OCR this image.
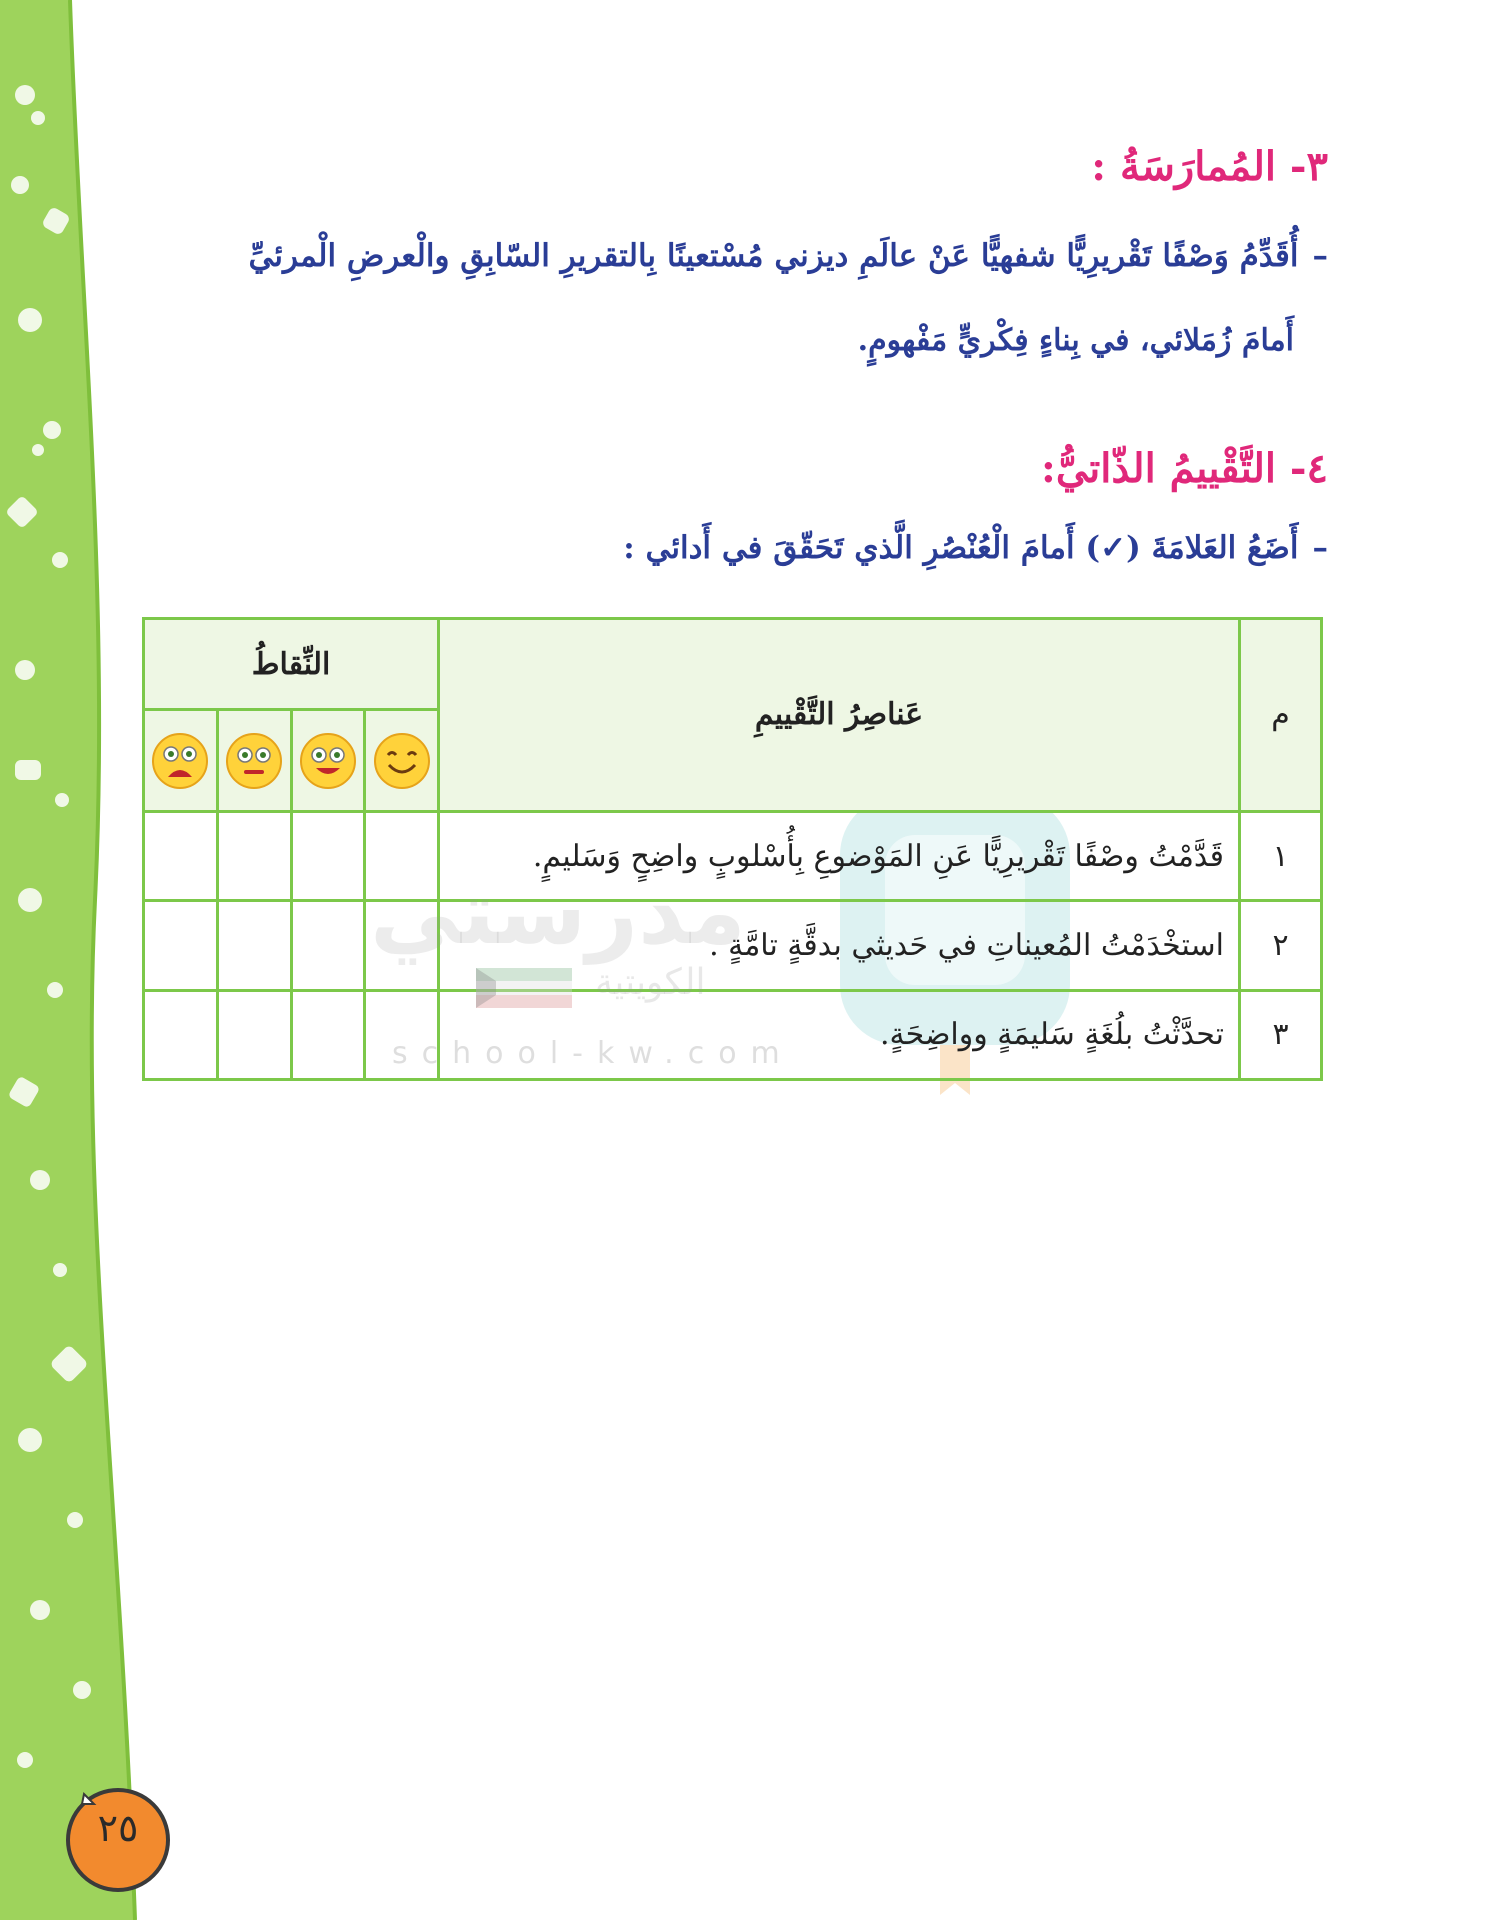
٣- المُمارَسَةُ :
–أُقَدِّمُ وَصْفًا تَقْريرِيًّا شفهيًّا عَنْ عالَمِ ديزني مُسْتعينًا بِالتقريرِ السّابِقِ والْعرضِ الْمرئيِّ
أَمامَ زُمَلائي، في بِناءٍ فِكْريٍّ مَفْهومٍ.
٤- التَّقْييمُ الذّاتيُّ:
–أَضَعُ العَلامَةَ (✓) أَمامَ الْعُنْصُرِ الَّذي تَحَقّقَ في أَدائي :
م	عَناصِرُ التَّقْييمِ	النِّقاطُ			

١	قَدَّمْتُ وصْفًا تَقْريرِيًّا عَنِ المَوْضوعِ بِأُسْلوبٍ واضِحٍ وَسَليمٍ.				
٢	استخْدَمْتُ المُعيناتِ في حَديثي بدقَّةٍ تامَّةٍ .				
٣	تحدَّثْتُ بلُغَةٍ سَليمَةٍ وواضِحَةٍ.				
مدرستي
الكويتية
school-kw.com
٢٥
